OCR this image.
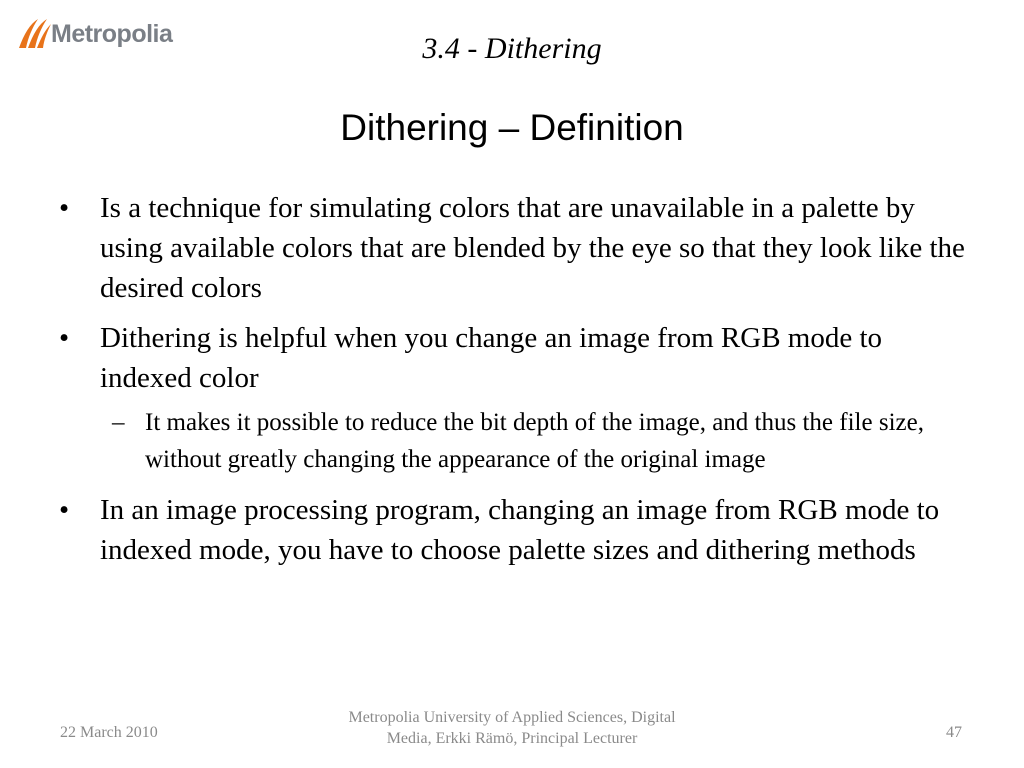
Metropolia	3.4 - Dithering
Dithering – Definition
• Is a technique for simulating colors that are unavailable in a palette by using available colors that are blended by the eye so that they look like the desired colors
• Dithering is helpful when you change an image from RGB mode to indexed color
– It makes it possible to reduce the bit depth of the image, and thus the file size, without greatly changing the appearance of the original image
• In an image processing program, changing an image from RGB mode to indexed mode, you have to choose palette sizes and dithering methods
22 March 2010
Metropolia University of Applied Sciences, Digital
Media, Erkki Rämö, Principal Lecturer	47
